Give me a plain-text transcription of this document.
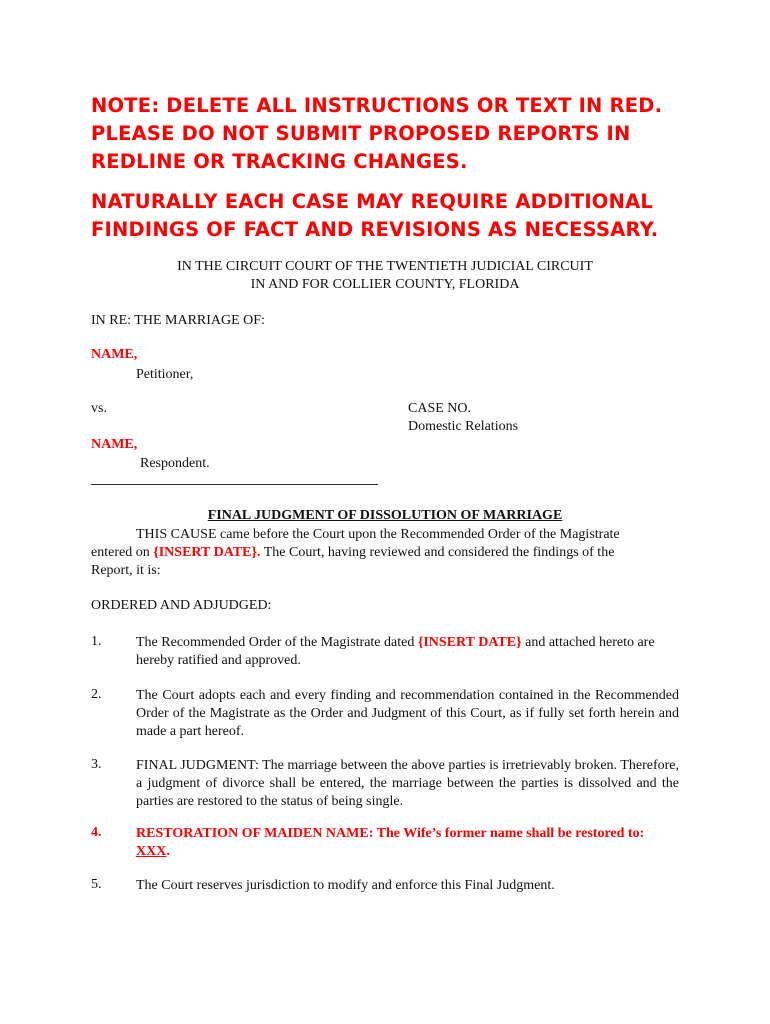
NOTE: DELETE ALL INSTRUCTIONS OR TEXT IN RED.
PLEASE DO NOT SUBMIT PROPOSED REPORTS IN
REDLINE OR TRACKING CHANGES.
NATURALLY EACH CASE MAY REQUIRE ADDITIONAL
FINDINGS OF FACT AND REVISIONS AS NECESSARY.
IN THE CIRCUIT COURT OF THE TWENTIETH JUDICIAL CIRCUIT
IN AND FOR COLLIER COUNTY, FLORIDA
IN RE: THE MARRIAGE OF:
NAME,
Petitioner,
vs.	CASE NO.
Domestic Relations
NAME,
Respondent.
FINAL JUDGMENT OF DISSOLUTION OF MARRIAGE
THIS CAUSE came before the Court upon the Recommended Order of the Magistrate
entered on {INSERT DATE}. The Court, having reviewed and considered the findings of the
Report, it is:
ORDERED AND ADJUDGED:
1.	The Recommended Order of the Magistrate dated {INSERT DATE} and attached hereto are hereby ratified and approved.
2.	The Court adopts each and every finding and recommendation contained in the Recommended Order of the Magistrate as the Order and Judgment of this Court, as if fully set forth herein and made a part hereof.
3.	FINAL JUDGMENT: The marriage between the above parties is irretrievably broken. Therefore, a judgment of divorce shall be entered, the marriage between the parties is dissolved and the parties are restored to the status of being single.
4.	RESTORATION OF MAIDEN NAME: The Wife’s former name shall be restored to: XXX.
5.	The Court reserves jurisdiction to modify and enforce this Final Judgment.
